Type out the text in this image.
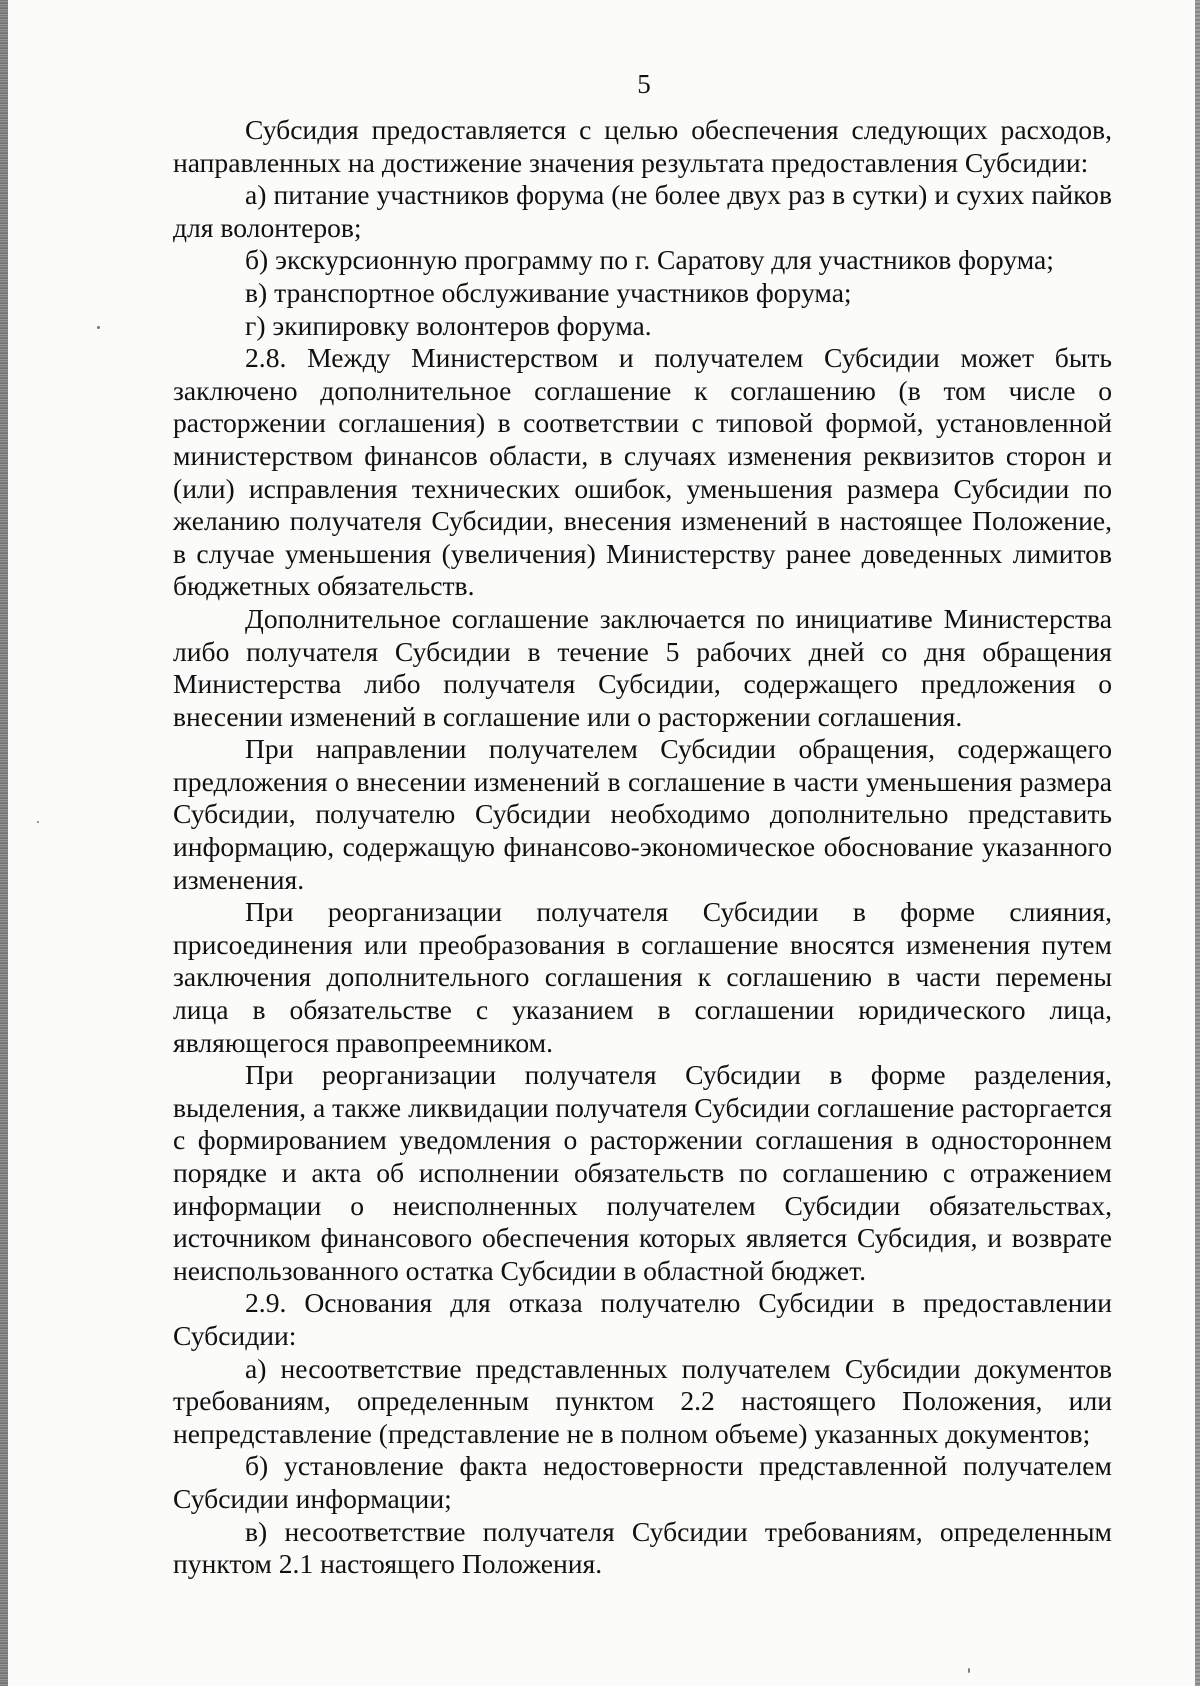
5

Субсидия предоставляется с целью обеспечения следующих расходов, направленных на достижение значения результата предоставления Субсидии:

а) питание участников форума (не более двух раз в сутки) и сухих пайков для волонтеров;

б) экскурсионную программу по г. Саратову для участников форума;

в) транспортное обслуживание участников форума;

г) экипировку волонтеров форума.

2.8. Между Министерством и получателем Субсидии может быть заключено дополнительное соглашение к соглашению (в том числе о расторжении соглашения) в соответствии с типовой формой, установленной министерством финансов области, в случаях изменения реквизитов сторон и (или) исправления технических ошибок, уменьшения размера Субсидии по желанию получателя Субсидии, внесения изменений в настоящее Положение, в случае уменьшения (увеличения) Министерству ранее доведенных лимитов бюджетных обязательств.

Дополнительное соглашение заключается по инициативе Министерства либо получателя Субсидии в течение 5 рабочих дней со дня обращения Министерства либо получателя Субсидии, содержащего предложения о внесении изменений в соглашение или о расторжении соглашения.

При направлении получателем Субсидии обращения, содержащего предложения о внесении изменений в соглашение в части уменьшения размера Субсидии, получателю Субсидии необходимо дополнительно представить информацию, содержащую финансово-экономическое обоснование указанного изменения.

При реорганизации получателя Субсидии в форме слияния, присоединения или преобразования в соглашение вносятся изменения путем заключения дополнительного соглашения к соглашению в части перемены лица в обязательстве с указанием в соглашении юридического лица, являющегося правопреемником.

При реорганизации получателя Субсидии в форме разделения, выделения, а также ликвидации получателя Субсидии соглашение расторгается с формированием уведомления о расторжении соглашения в одностороннем порядке и акта об исполнении обязательств по соглашению с отражением информации о неисполненных получателем Субсидии обязательствах, источником финансового обеспечения которых является Субсидия, и возврате неиспользованного остатка Субсидии в областной бюджет.

2.9. Основания для отказа получателю Субсидии в предоставлении Субсидии:

а) несоответствие представленных получателем Субсидии документов требованиям, определенным пунктом 2.2 настоящего Положения, или непредставление (представление не в полном объеме) указанных документов;

б) установление факта недостоверности представленной получателем Субсидии информации;

в) несоответствие получателя Субсидии требованиям, определенным пунктом 2.1 настоящего Положения.
